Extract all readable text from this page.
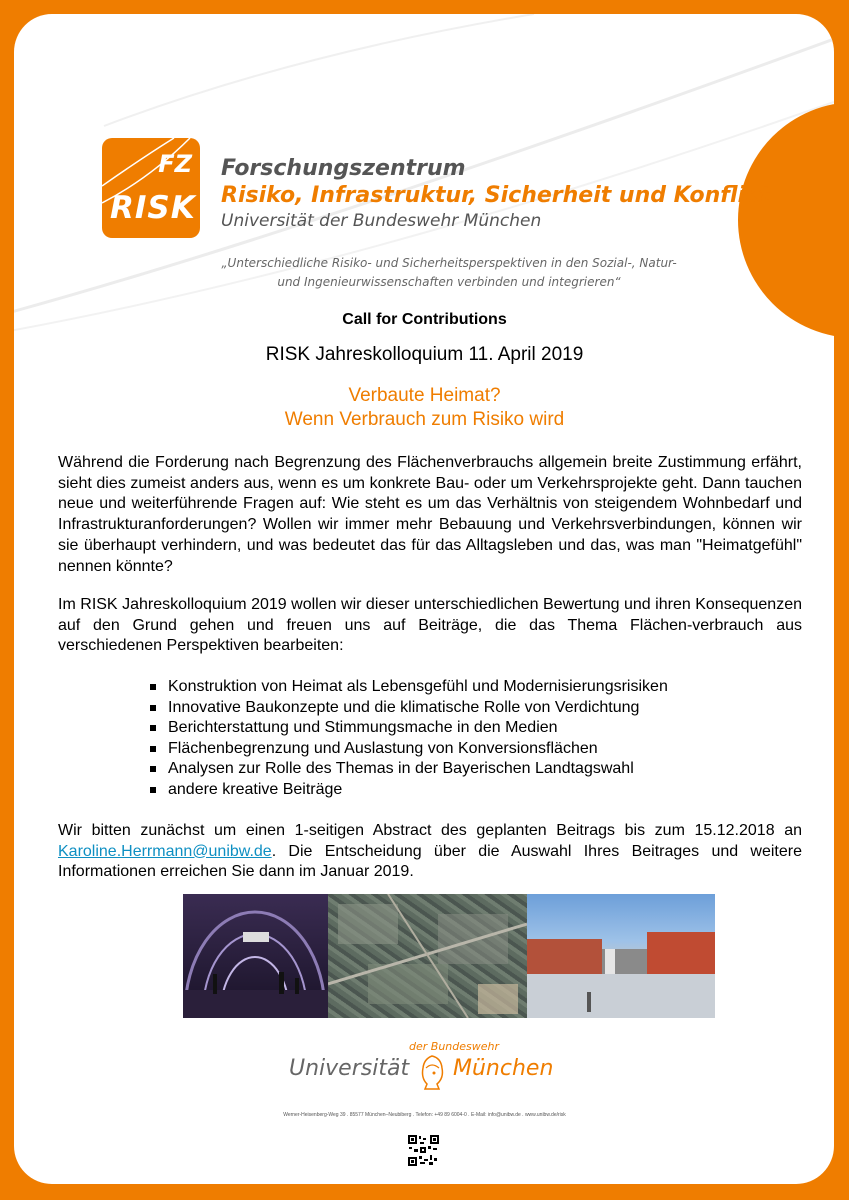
FZ
RISK
Forschungszentrum
Risiko, Infrastruktur, Sicherheit und Konflikt
Universität der Bundeswehr München
„Unterschiedliche Risiko- und Sicherheitsperspektiven in den Sozial-, Natur-
und Ingenieurwissenschaften verbinden und integrieren“
Call for Contributions
RISK Jahreskolloquium 11. April 2019
Verbaute Heimat?
Wenn Verbrauch zum Risiko wird
Während die Forderung nach Begrenzung des Flächenverbrauchs allgemein breite Zustimmung erfährt, sieht dies zumeist anders aus, wenn es um konkrete Bau- oder um Verkehrsprojekte geht. Dann tauchen neue und weiterführende Fragen auf: Wie steht es um das Verhältnis von steigendem Wohnbedarf und Infrastrukturanforderungen? Wollen wir immer mehr Bebauung und Verkehrsverbindungen, können wir sie überhaupt verhindern, und was bedeutet das für das Alltagsleben und das, was man "Heimatgefühl" nennen könnte?
Im RISK Jahreskolloquium 2019 wollen wir dieser unterschiedlichen Bewertung und ihren Konsequenzen auf den Grund gehen und freuen uns auf Beiträge, die das Thema Flächen-verbrauch aus verschiedenen Perspektiven bearbeiten:
Konstruktion von Heimat als Lebensgefühl und Modernisierungsrisiken
Innovative Baukonzepte und die klimatische Rolle von Verdichtung
Berichterstattung und Stimmungsmache in den Medien
Flächenbegrenzung und Auslastung von Konversionsflächen
Analysen zur Rolle des Themas in der Bayerischen Landtagswahl
andere kreative Beiträge
Wir bitten zunächst um einen 1-seitigen Abstract des geplanten Beitrags bis zum 15.12.2018 an Karoline.Herrmann@unibw.de. Die Entscheidung über die Auswahl Ihres Beitrages und weitere Informationen erreichen Sie dann im Januar 2019.
der Bundeswehr
Universität München
Werner-Heisenberg-Weg 39 . 85577 München–Neubiberg . Telefon: +49 89 6004-0 . E-Mail: info@unibw.de . www.unibw.de/risk
